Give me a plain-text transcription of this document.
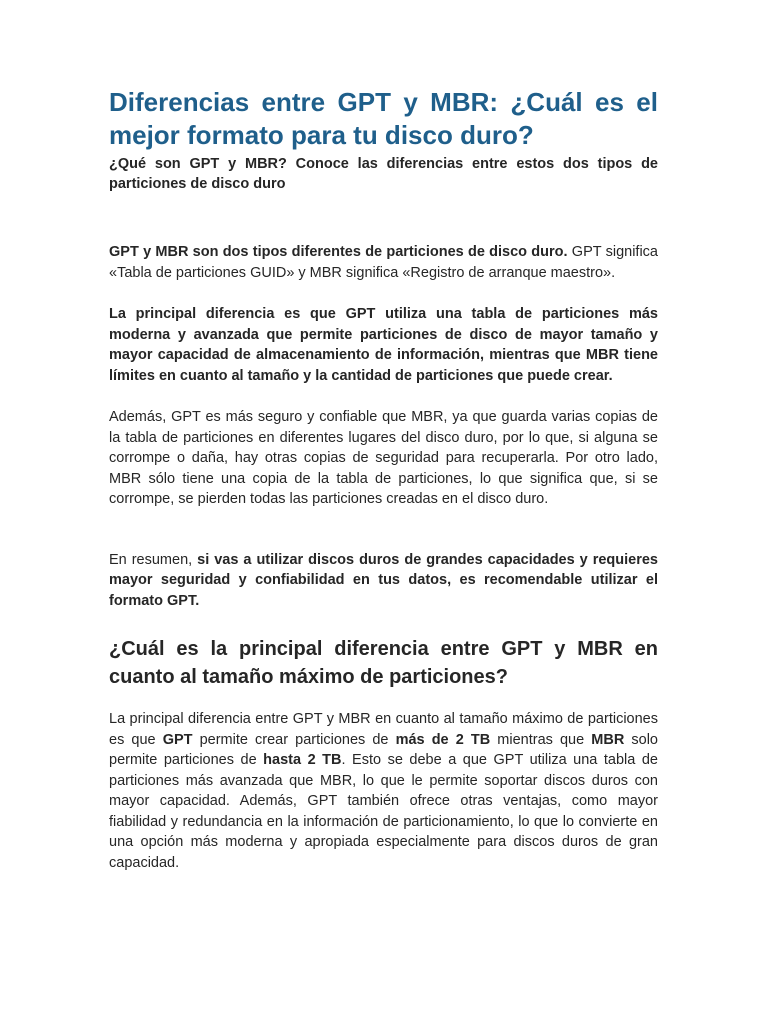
Diferencias entre GPT y MBR: ¿Cuál es el mejor formato para tu disco duro?
¿Qué son GPT y MBR? Conoce las diferencias entre estos dos tipos de particiones de disco duro

GPT y MBR son dos tipos diferentes de particiones de disco duro. GPT significa «Tabla de particiones GUID» y MBR significa «Registro de arranque maestro».

La principal diferencia es que GPT utiliza una tabla de particiones más moderna y avanzada que permite particiones de disco de mayor tamaño y mayor capacidad de almacenamiento de información, mientras que MBR tiene límites en cuanto al tamaño y la cantidad de particiones que puede crear.

Además, GPT es más seguro y confiable que MBR, ya que guarda varias copias de la tabla de particiones en diferentes lugares del disco duro, por lo que, si alguna se corrompe o daña, hay otras copias de seguridad para recuperarla. Por otro lado, MBR sólo tiene una copia de la tabla de particiones, lo que significa que, si se corrompe, se pierden todas las particiones creadas en el disco duro.

En resumen, si vas a utilizar discos duros de grandes capacidades y requieres mayor seguridad y confiabilidad en tus datos, es recomendable utilizar el formato GPT.

¿Cuál es la principal diferencia entre GPT y MBR en cuanto al tamaño máximo de particiones?

La principal diferencia entre GPT y MBR en cuanto al tamaño máximo de particiones es que GPT permite crear particiones de más de 2 TB mientras que MBR solo permite particiones de hasta 2 TB. Esto se debe a que GPT utiliza una tabla de particiones más avanzada que MBR, lo que le permite soportar discos duros con mayor capacidad. Además, GPT también ofrece otras ventajas, como mayor fiabilidad y redundancia en la información de particionamiento, lo que lo convierte en una opción más moderna y apropiada especialmente para discos duros de gran capacidad.
